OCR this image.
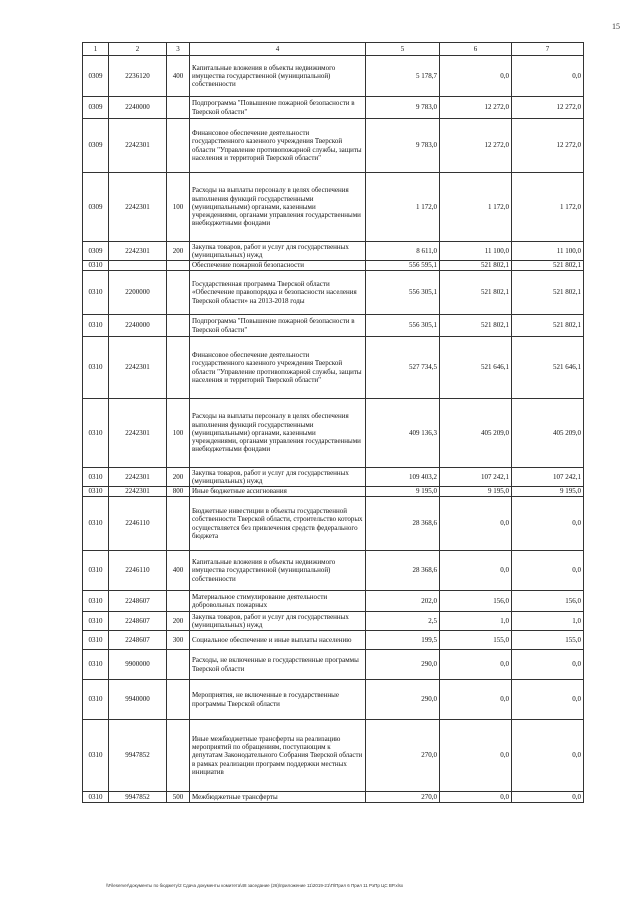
15
1	2	3	4	5	6	7
0309	2236120	400	Капитальные вложения в объекты недвижимого имущества государственной (муниципальной) собственности	5 178,7	0,0	0,0
0309	2240000		Подпрограмма "Повышение пожарной безопасности в Тверской области"	9 783,0	12 272,0	12 272,0
0309	2242301		Финансовое обеспечение деятельности государственного казенного учреждения Тверской области "Управление противопожарной службы, защиты населения и территорий Тверской области"	9 783,0	12 272,0	12 272,0
0309	2242301	100	Расходы на выплаты персоналу в целях обеспечения выполнения функций государственными (муниципальными) органами, казенными учреждениями, органами управления государственными внебюджетными фондами	1 172,0	1 172,0	1 172,0
0309	2242301	200	Закупка товаров, работ и услуг для государственных (муниципальных) нужд	8 611,0	11 100,0	11 100,0
0310			Обеспечение пожарной безопасности	556 595,1	521 802,1	521 802,1
0310	2200000		Государственная программа Тверской области «Обеспечение правопорядка и безопасности населения Тверской области» на 2013-2018 годы	556 305,1	521 802,1	521 802,1
0310	2240000		Подпрограмма "Повышение пожарной безопасности в Тверской области"	556 305,1	521 802,1	521 802,1
0310	2242301		Финансовое обеспечение деятельности государственного казенного учреждения Тверской области "Управление противопожарной службы, защиты населения и территорий Тверской области"	527 734,5	521 646,1	521 646,1
0310	2242301	100	Расходы на выплаты персоналу в целях обеспечения выполнения функций государственными (муниципальными) органами, казенными учреждениями, органами управления государственными внебюджетными фондами	409 136,3	405 209,0	405 209,0
0310	2242301	200	Закупка товаров, работ и услуг для государственных (муниципальных) нужд	109 403,2	107 242,1	107 242,1
0310	2242301	800	Иные бюджетные ассигнования	9 195,0	9 195,0	9 195,0
0310	2246110		Бюджетные инвестиции в объекты государственной собственности Тверской области, строительство которых осуществляется без привлечения средств федерального бюджета	28 368,6	0,0	0,0
0310	2246110	400	Капитальные вложения в объекты недвижимого имущества государственной (муниципальной) собственности	28 368,6	0,0	0,0
0310	2248607		Материальное стимулирование деятельности добровольных пожарных	202,0	156,0	156,0
0310	2248607	200	Закупка товаров, работ и услуг для государственных (муниципальных) нужд	2,5	1,0	1,0
0310	2248607	300	Социальное обеспечение и иные выплаты населению	199,5	155,0	155,0
0310	9900000		Расходы, не включенные в государственные программы Тверской области	290,0	0,0	0,0
0310	9940000		Мероприятия, не включенные в государственные программы Тверской области	290,0	0,0	0,0
0310	9947852		Иные межбюджетные трансферты на реализацию мероприятий по обращениям, поступающим к депутатам Законодательного Собрания Тверской области в рамках реализации программ поддержки местных инициатив	270,0	0,0	0,0
0310	9947852	500	Межбюджетные трансферты	270,0	0,0	0,0
\\Fileserver\документы по бюджету\2 Сдача документы комитета\48 заседание (26)\приложение 11\2019-21\П\Прил 6 Прил 11 РзПр ЦС ВР.xlsx
